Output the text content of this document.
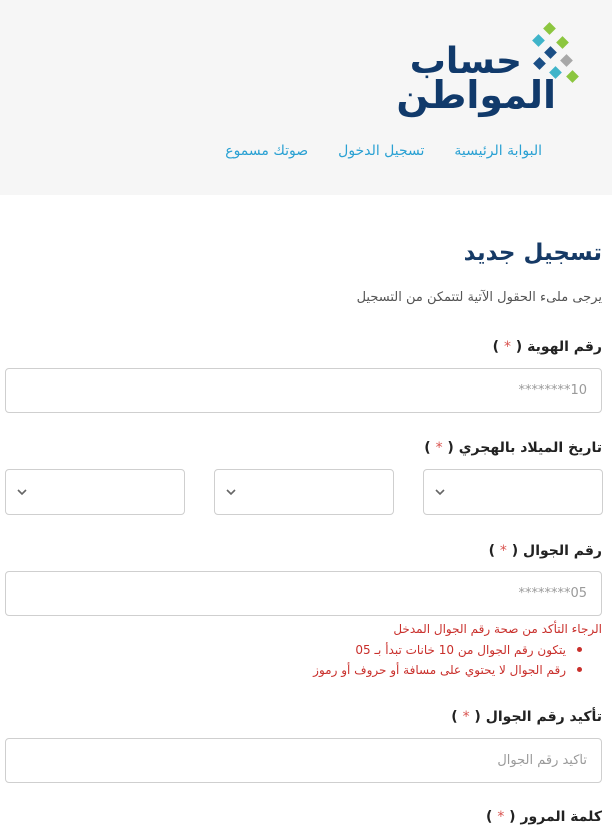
حساب
المواطن
البوابة الرئيسية
تسجيل الدخول
صوتك مسموع
تسجيل جديد

يرجى ملىء الحقول الآتية لتتمكن من التسجيل

رقم الهوية ( * )
10********
تاريخ الميلاد بالهجري ( * )
رقم الجوال ( * )
05********
الرجاء التأكد من صحة رقم الجوال المدخل
يتكون رقم الجوال من 10 خانات تبدأ بـ 05
رقم الجوال لا يحتوي على مسافة أو حروف أو رموز
تأكيد رقم الجوال ( * )
تأكيد رقم الجوال
كلمة المرور ( * )
